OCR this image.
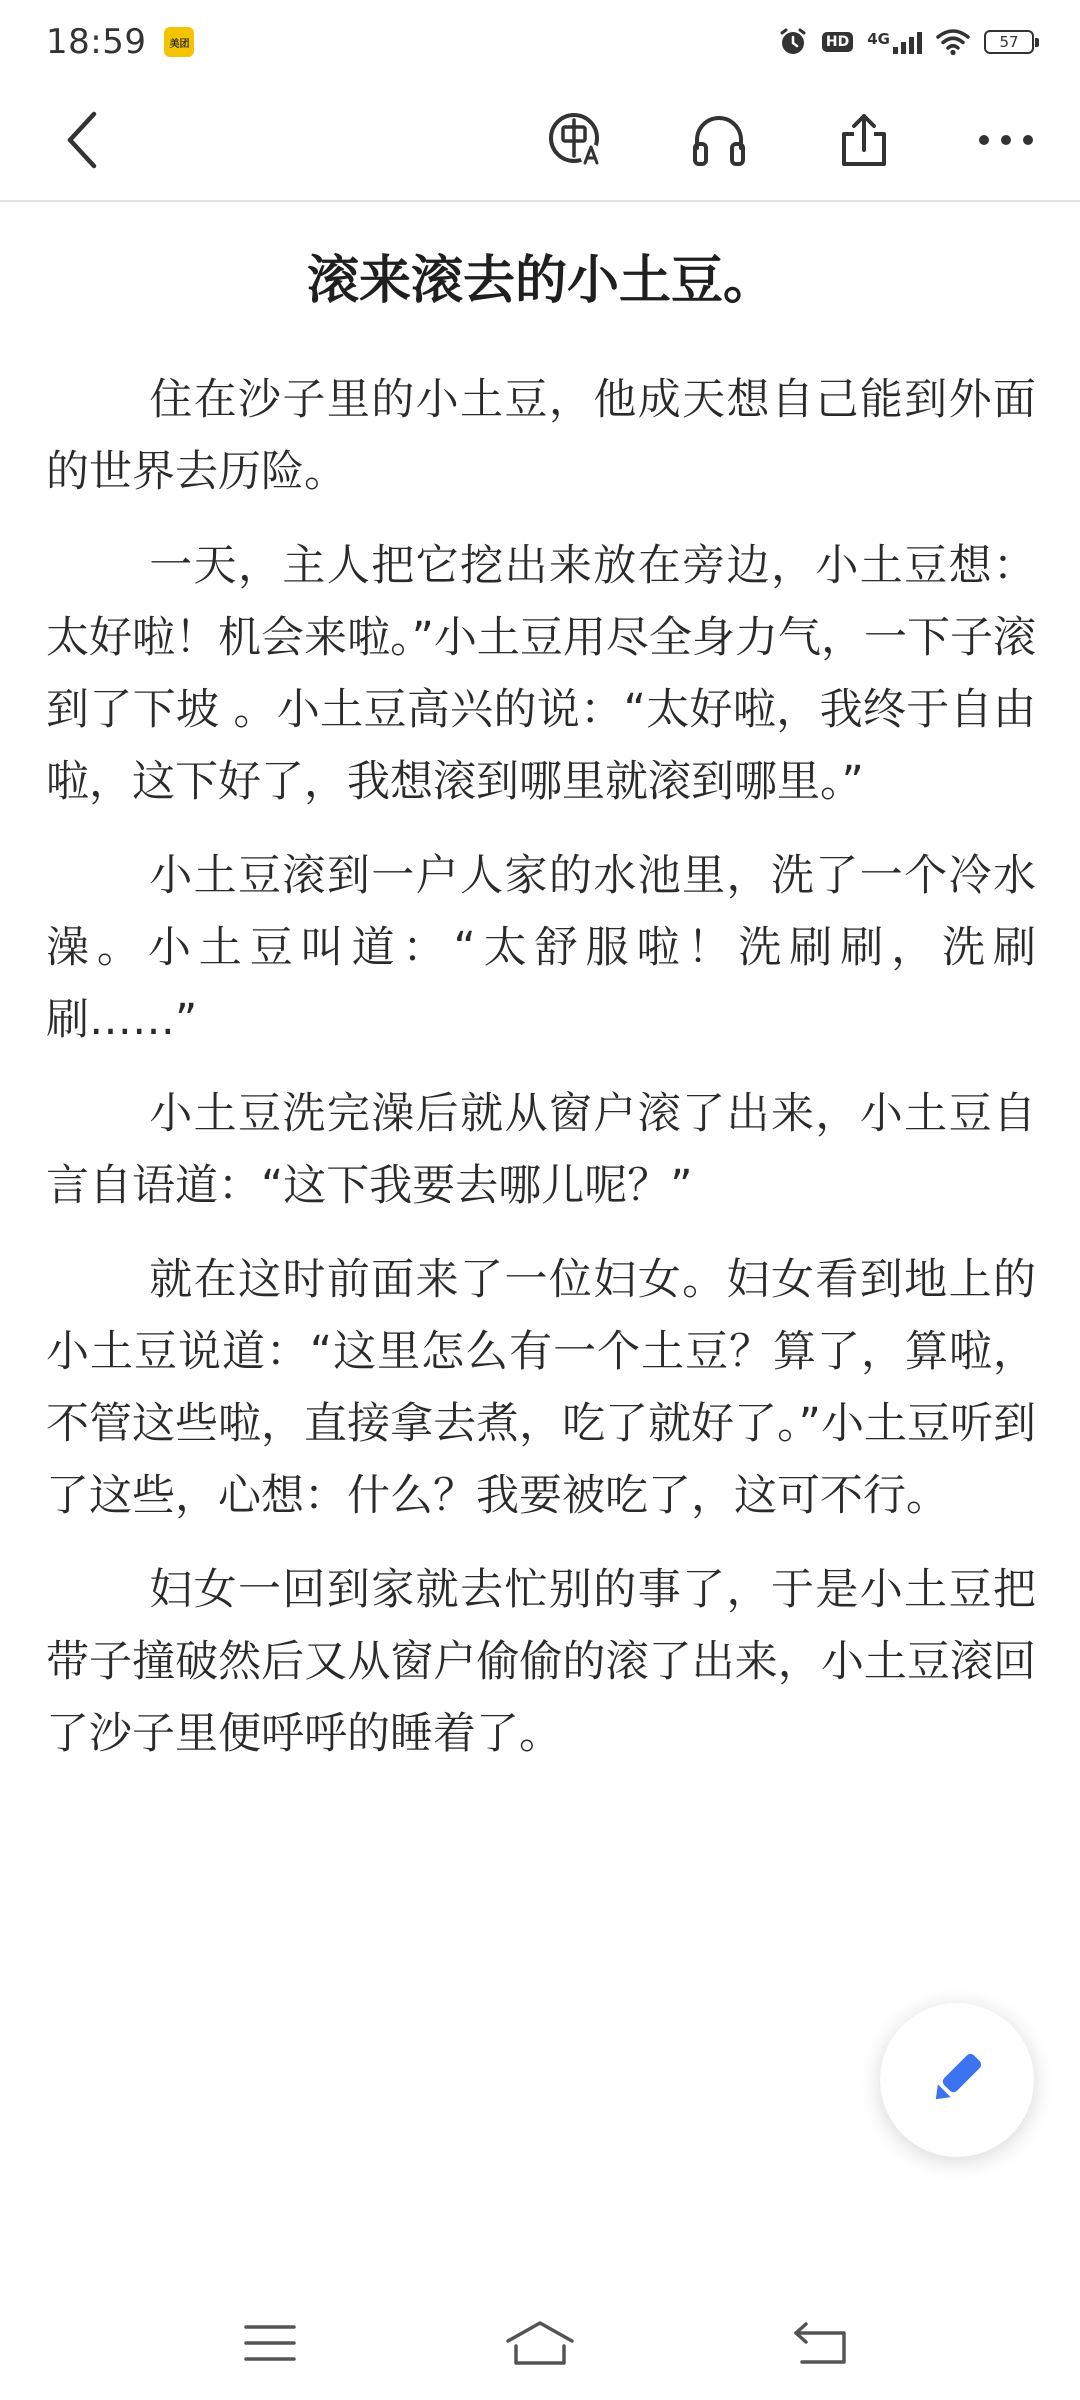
18:59	美团	HD 4G	57
滚来滚去的小土豆。

住在沙子里的小土豆，他成天想自己能到外面的世界去历险。

一天，主人把它挖出来放在旁边，小土豆想：太好啦！机会来啦。”小土豆用尽全身力气，一下子滚到了下坡 。小土豆高兴的说：“太好啦，我终于自由啦，这下好了，我想滚到哪里就滚到哪里。”

小土豆滚到一户人家的水池里，洗了一个冷水澡。小土豆叫道：“太舒服啦！洗刷刷，洗刷刷……”

小土豆洗完澡后就从窗户滚了出来，小土豆自言自语道：“这下我要去哪儿呢？”

就在这时前面来了一位妇女。妇女看到地上的小土豆说道：“这里怎么有一个土豆？算了，算啦，不管这些啦，直接拿去煮，吃了就好了。”小土豆听到了这些，心想：什么？我要被吃了，这可不行。

妇女一回到家就去忙别的事了，于是小土豆把带子撞破然后又从窗户偷偷的滚了出来，小土豆滚回了沙子里便呼呼的睡着了。
